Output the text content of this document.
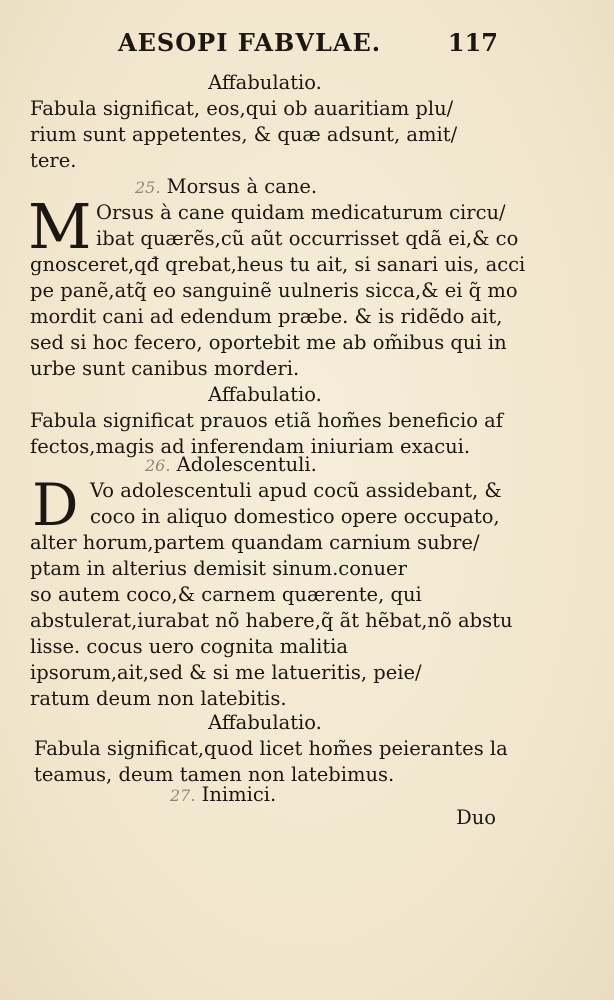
AESOPI FABVLAE.	117
Affabulatio.
Fabula significat, eos,qui ob auaritiam plu/
rium sunt appetentes, & quæ adsunt, amit/
tere.
25. Morsus à cane.
M Orsus à cane quidam medicaturum circu/
ibat quærẽs,cũ aũt occurrisset qdã ei,& co
gnosceret,qđ qrebat,heus tu ait, si sanari uis, acci
pe panẽ,atq̃ eo sanguinẽ uulneris sicca,& ei q̃ mo
mordit cani ad edendum præbe. & is ridẽdo ait,
sed si hoc fecero, oportebit me ab om̃ibus qui in
urbe sunt canibus morderi.
Affabulatio.
Fabula significat prauos etiã hom̃es beneficio af
fectos,magis ad inferendam iniuriam exacui.
26. Adolescentuli.
D Vo adolescentuli apud cocũ assidebant, &
coco in aliquo domestico opere occupato,
alter horum,partem quandam carnium subre/
ptam in alterius demisit sinum.conuer
so autem coco,& carnem quærente, qui
abstulerat,iurabat nõ habere,q̃ ãt hẽbat,nõ abstu
lisse. cocus uero cognita malitia
ipsorum,ait,sed & si me latueritis, peie/
ratum deum non latebitis.
Affabulatio.
Fabula significat,quod licet hom̃es peierantes la
teamus, deum tamen non latebimus.
27. Inimici.
Duo
